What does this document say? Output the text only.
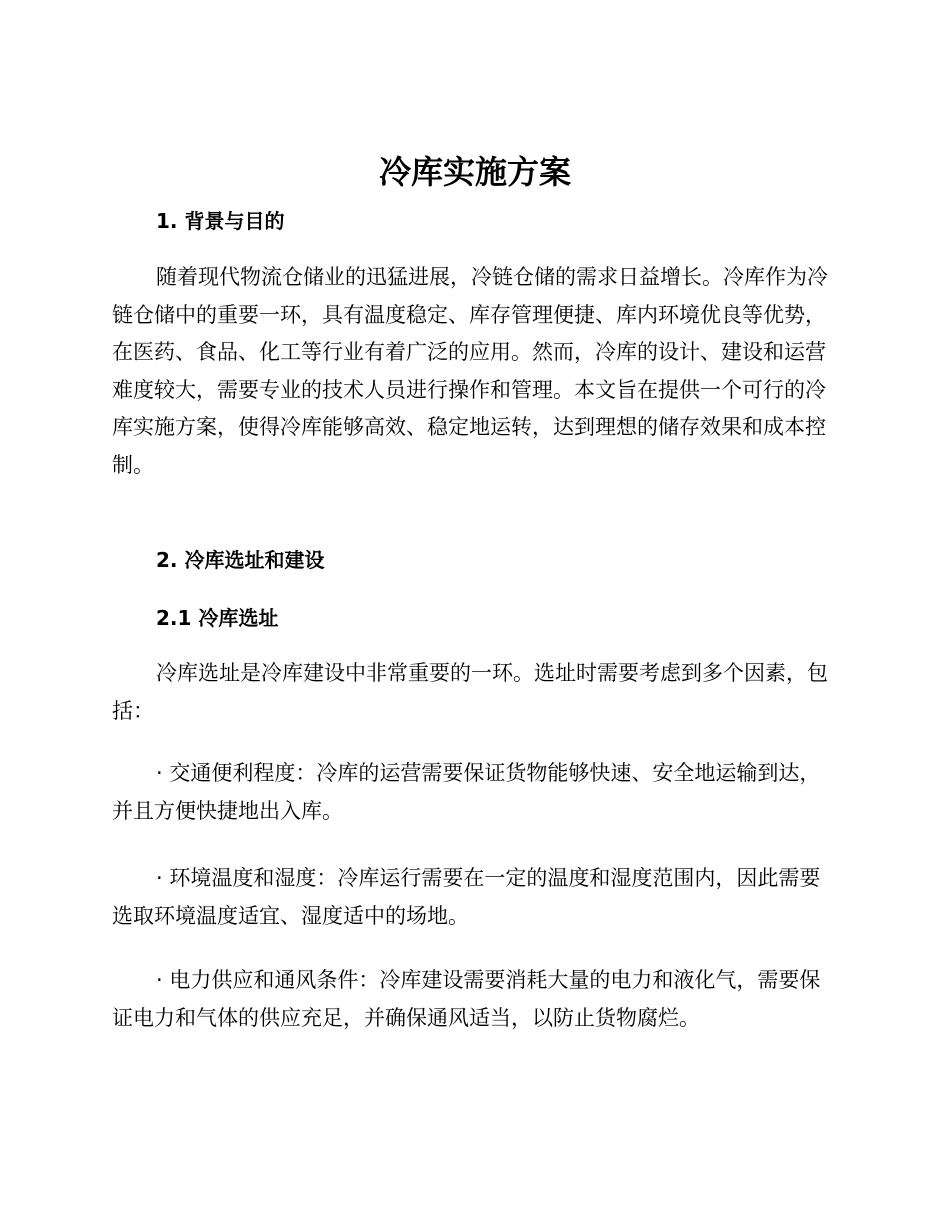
冷库实施方案
1. 背景与目的

随着现代物流仓储业的迅猛进展，冷链仓储的需求日益增长。冷库作为冷链仓储中的重要一环，具有温度稳定、库存管理便捷、库内环境优良等优势，在医药、食品、化工等行业有着广泛的应用。然而，冷库的设计、建设和运营难度较大，需要专业的技术人员进行操作和管理。本文旨在提供一个可行的冷库实施方案，使得冷库能够高效、稳定地运转，达到理想的储存效果和成本控制。

2. 冷库选址和建设
2.1 冷库选址

冷库选址是冷库建设中非常重要的一环。选址时需要考虑到多个因素，包括：

· 交通便利程度：冷库的运营需要保证货物能够快速、安全地运输到达，并且方便快捷地出入库。

· 环境温度和湿度：冷库运行需要在一定的温度和湿度范围内，因此需要选取环境温度适宜、湿度适中的场地。

· 电力供应和通风条件：冷库建设需要消耗大量的电力和液化气，需要保证电力和气体的供应充足，并确保通风适当，以防止货物腐烂。
